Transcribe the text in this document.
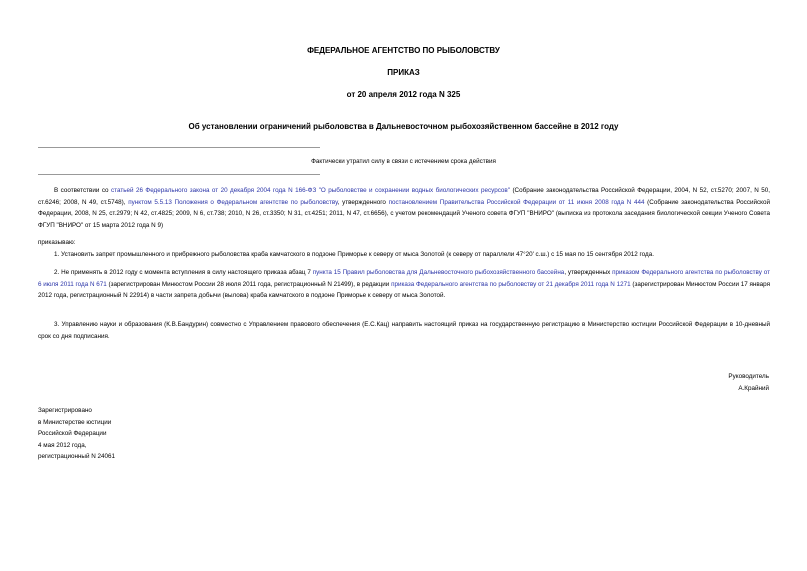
ФЕДЕРАЛЬНОЕ АГЕНТСТВО ПО РЫБОЛОВСТВУ
ПРИКАЗ
от 20 апреля 2012 года N 325
Об установлении ограничений рыболовства в Дальневосточном рыбохозяйственном бассейне в 2012 году
Фактически утратил силу в связи с истечением срока действия
В соответствии со статьей 26 Федерального закона от 20 декабря 2004 года N 166-ФЗ "О рыболовстве и сохранении водных биологических ресурсов" (Собрание законодательства Российской Федерации, 2004, N 52, ст.5270; 2007, N 50, ст.6246; 2008, N 49, ст.5748), пунктом 5.5.13 Положения о Федеральном агентстве по рыболовству, утвержденного постановлением Правительства Российской Федерации от 11 июня 2008 года N 444 (Собрание законодательства Российской Федерации, 2008, N 25, ст.2979; N 42, ст.4825; 2009, N 6, ст.738; 2010, N 26, ст.3350; N 31, ст.4251; 2011, N 47, ст.6656), с учетом рекомендаций Ученого совета ФГУП "ВНИРО" (выписка из протокола заседания биологической секции Ученого Совета ФГУП "ВНИРО" от 15 марта 2012 года N 9)
приказываю:
1. Установить запрет промышленного и прибрежного рыболовства краба камчатского в подзоне Приморье к северу от мыса Золотой (к северу от параллели 47°20' с.ш.) с 15 мая по 15 сентября 2012 года.
2. Не применять в 2012 году с момента вступления в силу настоящего приказа абзац 7 пункта 15 Правил рыболовства для Дальневосточного рыбохозяйственного бассейна, утвержденных приказом Федерального агентства по рыболовству от 6 июля 2011 года N 671 (зарегистрирован Минюстом России 28 июля 2011 года, регистрационный N 21499), в редакции приказа Федерального агентства по рыболовству от 21 декабря 2011 года N 1271 (зарегистрирован Минюстом России 17 января 2012 года, регистрационный N 22914) в части запрета добычи (вылова) краба камчатского в подзоне Приморье к северу от мыса Золотой.
3. Управлению науки и образования (К.В.Бандурин) совместно с Управлением правового обеспечения (Е.С.Кац) направить настоящий приказ на государственную регистрацию в Министерство юстиции Российской Федерации в 10-дневный срок со дня подписания.
Руководитель
А.Крайний
Зарегистрировано
в Министерстве юстиции
Российской Федерации
4 мая 2012 года,
регистрационный N 24061
